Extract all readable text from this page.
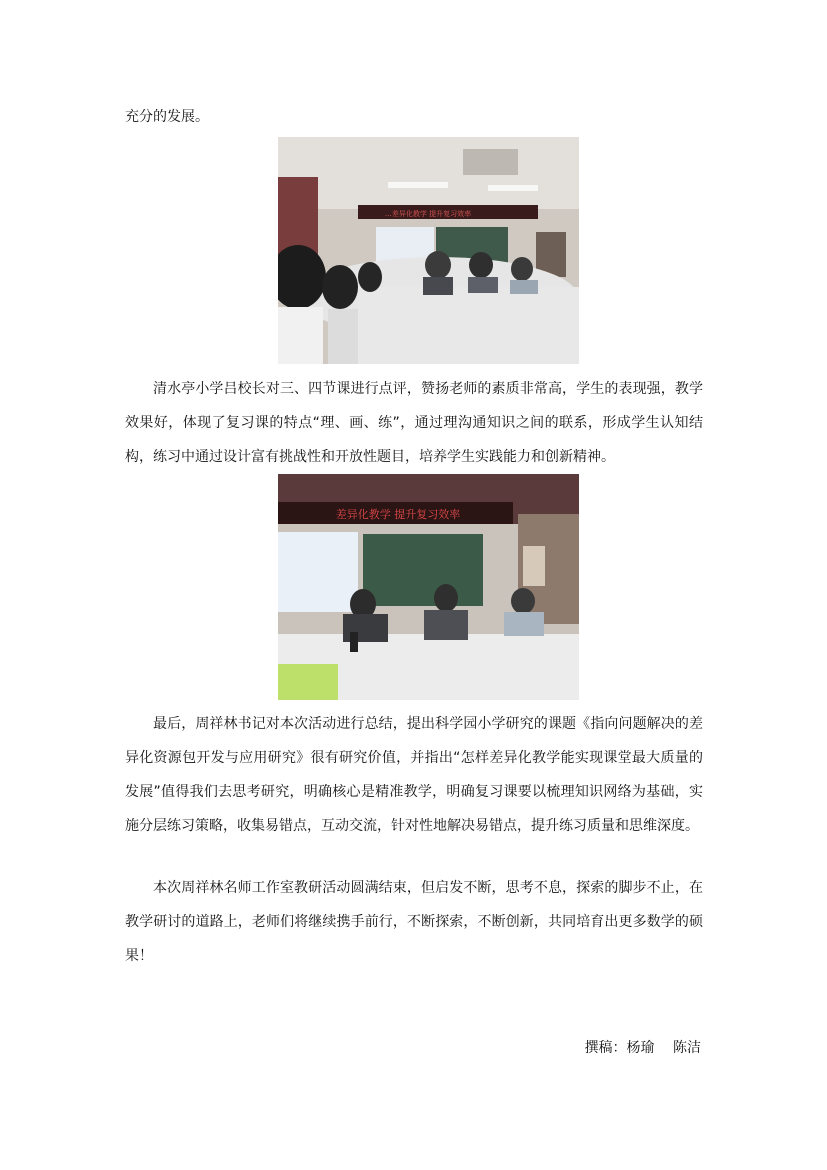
充分的发展。

…差异化教学 提升复习效率

清水亭小学吕校长对三、四节课进行点评，赞扬老师的素质非常高，学生的表现强，教学效果好，体现了复习课的特点“理、画、练”，通过理沟通知识之间的联系，形成学生认知结构，练习中通过设计富有挑战性和开放性题目，培养学生实践能力和创新精神。

差异化教学 提升复习效率

最后，周祥林书记对本次活动进行总结，提出科学园小学研究的课题《指向问题解决的差异化资源包开发与应用研究》很有研究价值，并指出“怎样差异化教学能实现课堂最大质量的发展”值得我们去思考研究，明确核心是精准教学，明确复习课要以梳理知识网络为基础，实施分层练习策略，收集易错点，互动交流，针对性地解决易错点，提升练习质量和思维深度。

本次周祥林名师工作室教研活动圆满结束，但启发不断，思考不息，探索的脚步不止，在教学研讨的道路上，老师们将继续携手前行，不断探索，不断创新，共同培育出更多数学的硕果！

撰稿：杨瑜　 陈洁
